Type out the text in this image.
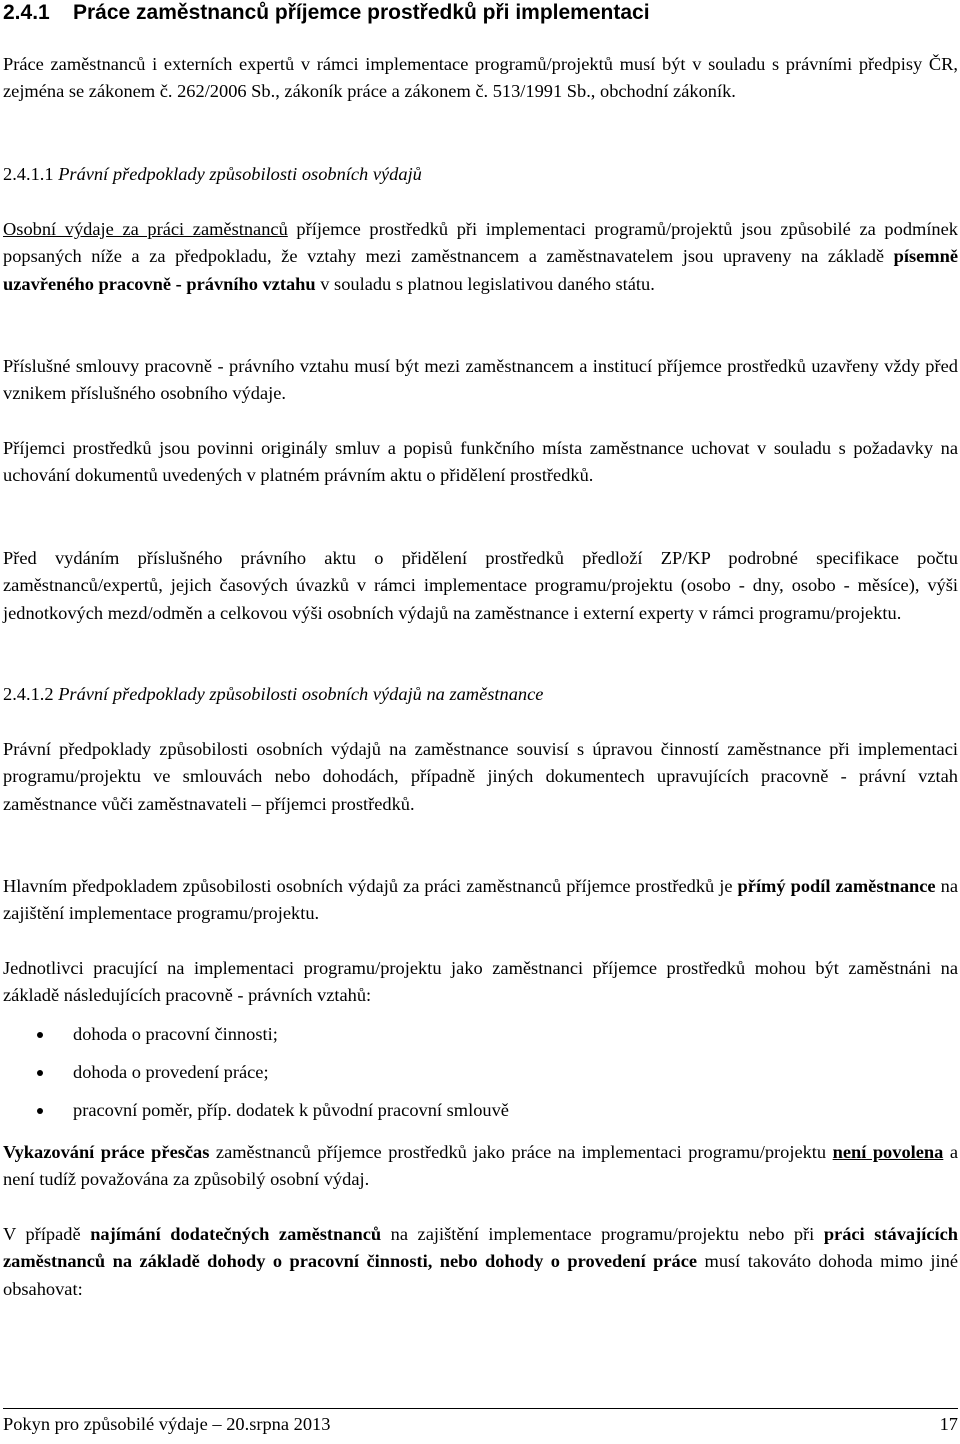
2.4.1 Práce zaměstnanců příjemce prostředků při implementaci

Práce zaměstnanců i externích expertů v rámci implementace programů/projektů musí být v souladu s právními předpisy ČR, zejména se zákonem č. 262/2006 Sb., zákoník práce a zákonem č. 513/1991 Sb., obchodní zákoník.

2.4.1.1 Právní předpoklady způsobilosti osobních výdajů

Osobní výdaje za práci zaměstnanců příjemce prostředků při implementaci programů/projektů jsou způsobilé za podmínek popsaných níže a za předpokladu, že vztahy mezi zaměstnancem a zaměstnavatelem jsou upraveny na základě písemně uzavřeného pracovně - právního vztahu v souladu s platnou legislativou daného státu.

Příslušné smlouvy pracovně - právního vztahu musí být mezi zaměstnancem a institucí příjemce prostředků uzavřeny vždy před vznikem příslušného osobního výdaje.

Příjemci prostředků jsou povinni originály smluv a popisů funkčního místa zaměstnance uchovat v souladu s požadavky na uchování dokumentů uvedených v platném právním aktu o přidělení prostředků.

Před vydáním příslušného právního aktu o přidělení prostředků předloží ZP/KP podrobné specifikace počtu zaměstnanců/expertů, jejich časových úvazků v rámci implementace programu/projektu (osobo - dny, osobo - měsíce), výši jednotkových mezd/odměn a celkovou výši osobních výdajů na zaměstnance i externí experty v rámci programu/projektu.

2.4.1.2 Právní předpoklady způsobilosti osobních výdajů na zaměstnance

Právní předpoklady způsobilosti osobních výdajů na zaměstnance souvisí s úpravou činností zaměstnance při implementaci programu/projektu ve smlouvách nebo dohodách, případně jiných dokumentech upravujících pracovně - právní vztah zaměstnance vůči zaměstnavateli – příjemci prostředků.

Hlavním předpokladem způsobilosti osobních výdajů za práci zaměstnanců příjemce prostředků je přímý podíl zaměstnance na zajištění implementace programu/projektu.

Jednotlivci pracující na implementaci programu/projektu jako zaměstnanci příjemce prostředků mohou být zaměstnáni na základě následujících pracovně - právních vztahů:

dohoda o pracovní činnosti;
dohoda o provedení práce;
pracovní poměr, příp. dodatek k původní pracovní smlouvě

Vykazování práce přesčas zaměstnanců příjemce prostředků jako práce na implementaci programu/projektu není povolena a není tudíž považována za způsobilý osobní výdaj.

V případě najímání dodatečných zaměstnanců na zajištění implementace programu/projektu nebo při práci stávajících zaměstnanců na základě dohody o pracovní činnosti, nebo dohody o provedení práce musí takováto dohoda mimo jiné obsahovat:

Pokyn pro způsobilé výdaje – 20.srpna 2013	17
